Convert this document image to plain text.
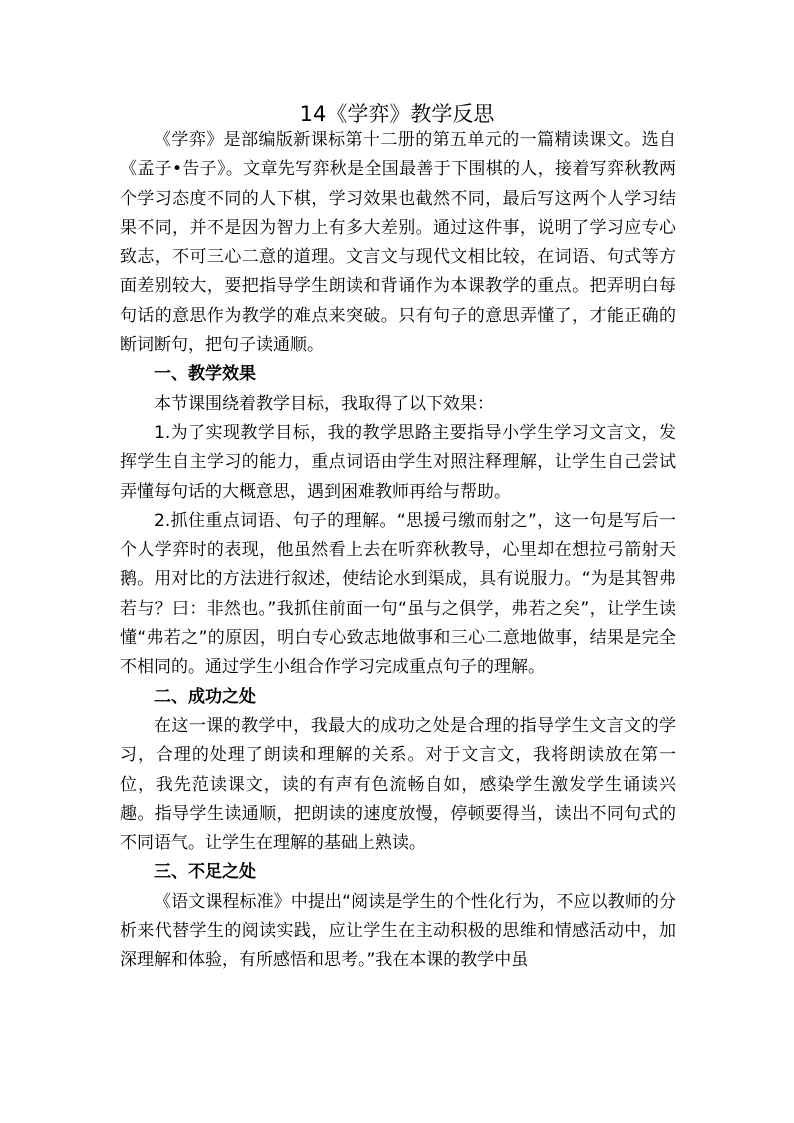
14《学弈》教学反思

《学弈》是部编版新课标第十二册的第五单元的一篇精读课文。选自《孟子•告子》。文章先写弈秋是全国最善于下围棋的人，接着写弈秋教两个学习态度不同的人下棋，学习效果也截然不同，最后写这两个人学习结果不同，并不是因为智力上有多大差别。通过这件事，说明了学习应专心致志，不可三心二意的道理。文言文与现代文相比较，在词语、句式等方面差别较大，要把指导学生朗读和背诵作为本课教学的重点。把弄明白每句话的意思作为教学的难点来突破。只有句子的意思弄懂了，才能正确的断词断句，把句子读通顺。

一、教学效果

本节课围绕着教学目标，我取得了以下效果：

1.为了实现教学目标，我的教学思路主要指导小学生学习文言文，发挥学生自主学习的能力，重点词语由学生对照注释理解，让学生自己尝试弄懂每句话的大概意思，遇到困难教师再给与帮助。

2.抓住重点词语、句子的理解。“思援弓缴而射之”，这一句是写后一个人学弈时的表现，他虽然看上去在听弈秋教导，心里却在想拉弓箭射天鹅。用对比的方法进行叙述，使结论水到渠成，具有说服力。“为是其智弗若与？曰：非然也。”我抓住前面一句“虽与之俱学，弗若之矣”，让学生读懂“弗若之”的原因，明白专心致志地做事和三心二意地做事，结果是完全不相同的。通过学生小组合作学习完成重点句子的理解。

二、成功之处

在这一课的教学中，我最大的成功之处是合理的指导学生文言文的学习，合理的处理了朗读和理解的关系。对于文言文，我将朗读放在第一位，我先范读课文，读的有声有色流畅自如，感染学生激发学生诵读兴趣。指导学生读通顺，把朗读的速度放慢，停顿要得当，读出不同句式的不同语气。让学生在理解的基础上熟读。

三、不足之处

《语文课程标准》中提出“阅读是学生的个性化行为，不应以教师的分析来代替学生的阅读实践，应让学生在主动积极的思维和情感活动中，加深理解和体验，有所感悟和思考。”我在本课的教学中虽
